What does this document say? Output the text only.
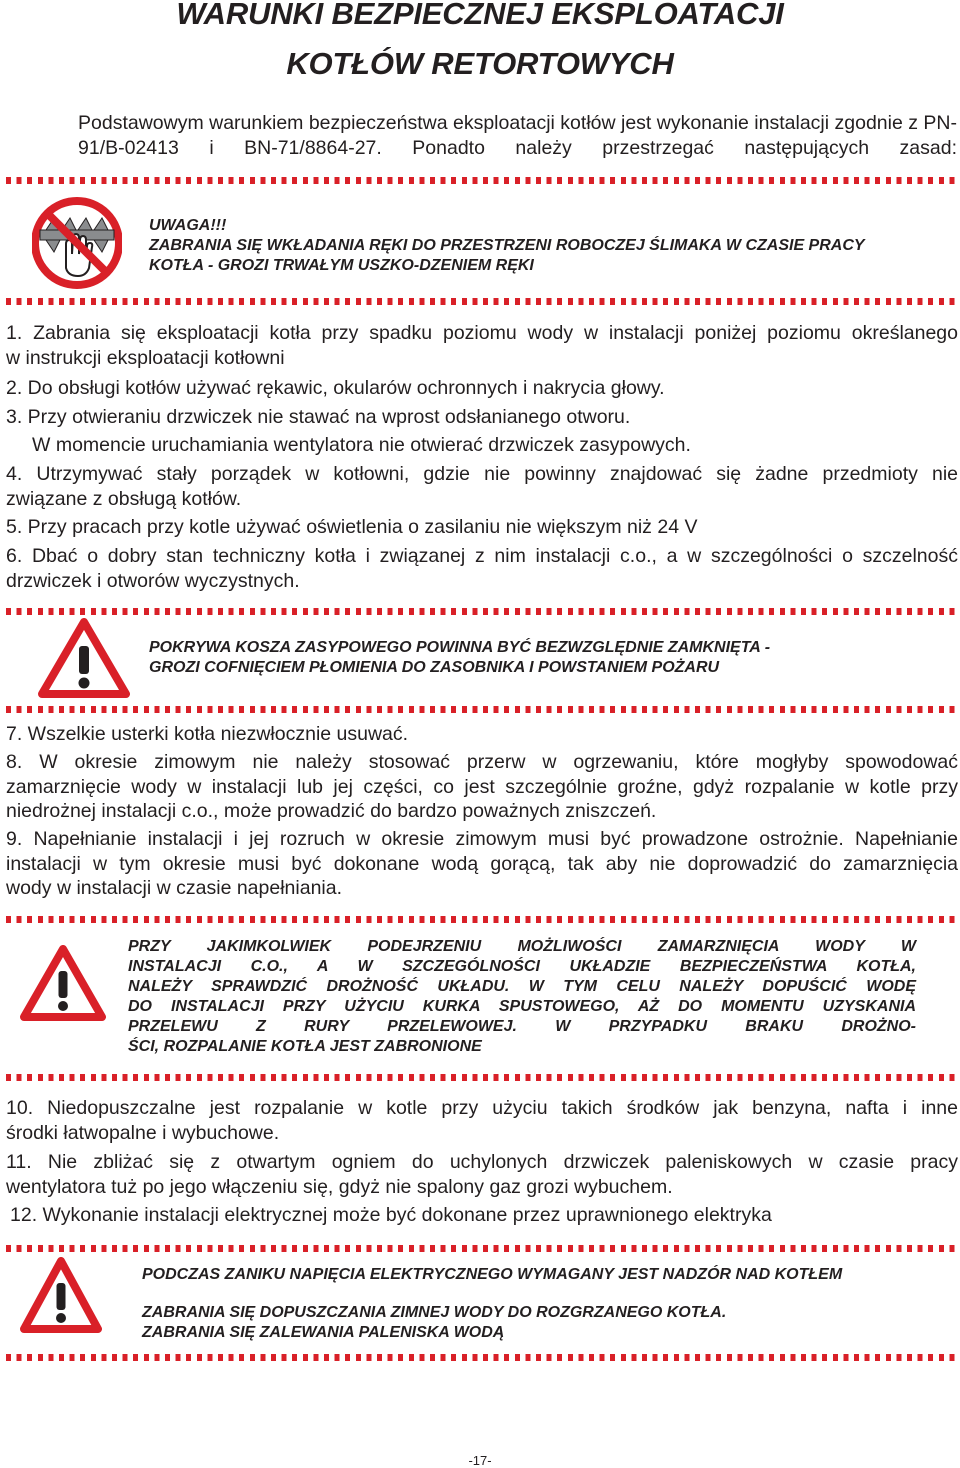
WARUNKI BEZPIECZNEJ EKSPLOATACJI
KOTŁÓW RETORTOWYCH
Podstawowym warunkiem bezpieczeństwa eksploatacji kotłów jest wykonanie instalacji zgodnie z PN-91/B-02413 i BN-71/8864-27. Ponadto należy przestrzegać następujących zasad:
UWAGA!!!
ZABRANIA SIĘ WKŁADANIA RĘKI DO PRZESTRZENI ROBOCZEJ ŚLIMAKA W CZASIE PRACY
KOTŁA - GROZI TRWAŁYM USZKO-DZENIEM RĘKI
1. Zabrania się eksploatacji kotła przy spadku poziomu wody w instalacji poniżej poziomu określanego
w instrukcji eksploatacji kotłowni
2. Do obsługi kotłów używać rękawic, okularów ochronnych i nakrycia głowy.
3. Przy otwieraniu drzwiczek nie stawać na wprost odsłanianego otworu.
W momencie uruchamiania wentylatora nie otwierać drzwiczek zasypowych.
4. Utrzymywać stały porządek w kotłowni, gdzie nie powinny znajdować się żadne przedmioty nie
związane z obsługą kotłów.
5. Przy pracach przy kotle używać oświetlenia o zasilaniu nie większym niż 24 V
6. Dbać o dobry stan techniczny kotła i związanej z nim instalacji c.o., a w szczególności o szczelność
drzwiczek i otworów wyczystnych.
POKRYWA KOSZA ZASYPOWEGO POWINNA BYĆ BEZWZGLĘDNIE ZAMKNIĘTA -
GROZI COFNIĘCIEM PŁOMIENIA DO ZASOBNIKA I POWSTANIEM POŻARU
7. Wszelkie usterki kotła niezwłocznie usuwać.
8. W okresie zimowym nie należy stosować przerw w ogrzewaniu, które mogłyby spowodować
zamarznięcie wody w instalacji lub jej części, co jest szczególnie groźne, gdyż rozpalanie w kotle przy
niedrożnej instalacji c.o., może prowadzić do bardzo poważnych zniszczeń.
9. Napełnianie instalacji i jej rozruch w okresie zimowym musi być prowadzone ostrożnie. Napełnianie
instalacji w tym okresie musi być dokonane wodą gorącą, tak aby nie doprowadzić do zamarznięcia
wody w instalacji w czasie napełniania.
PRZY JAKIMKOLWIEK PODEJRZENIU MOŻLIWOŚCI ZAMARZNIĘCIA WODY W
INSTALACJI C.O., A W SZCZEGÓLNOŚCI UKŁADZIE BEZPIECZEŃSTWA KOTŁA,
NALEŻY SPRAWDZIĆ DROŻNOŚĆ UKŁADU. W TYM CELU NALEŻY DOPUŚCIĆ WODĘ
DO INSTALACJI PRZY UŻYCIU KURKA SPUSTOWEGO, AŻ DO MOMENTU UZYSKANIA
PRZELEWU Z RURY PRZELEWOWEJ. W PRZYPADKU BRAKU DROŻNO-
ŚCI, ROZPALANIE KOTŁA JEST ZABRONIONE
10. Niedopuszczalne jest rozpalanie w kotle przy użyciu takich środków jak benzyna, nafta i inne
środki łatwopalne i wybuchowe.
11. Nie zbliżać się z otwartym ogniem do uchylonych drzwiczek paleniskowych w czasie pracy
wentylatora tuż po jego włączeniu się, gdyż nie spalony gaz grozi wybuchem.
12. Wykonanie instalacji elektrycznej może być dokonane przez uprawnionego elektryka
PODCZAS ZANIKU NAPIĘCIA ELEKTRYCZNEGO WYMAGANY JEST NADZÓR NAD KOTŁEM
ZABRANIA SIĘ DOPUSZCZANIA ZIMNEJ WODY DO ROZGRZANEGO KOTŁA.
ZABRANIA SIĘ ZALEWANIA PALENISKA WODĄ
-17-
